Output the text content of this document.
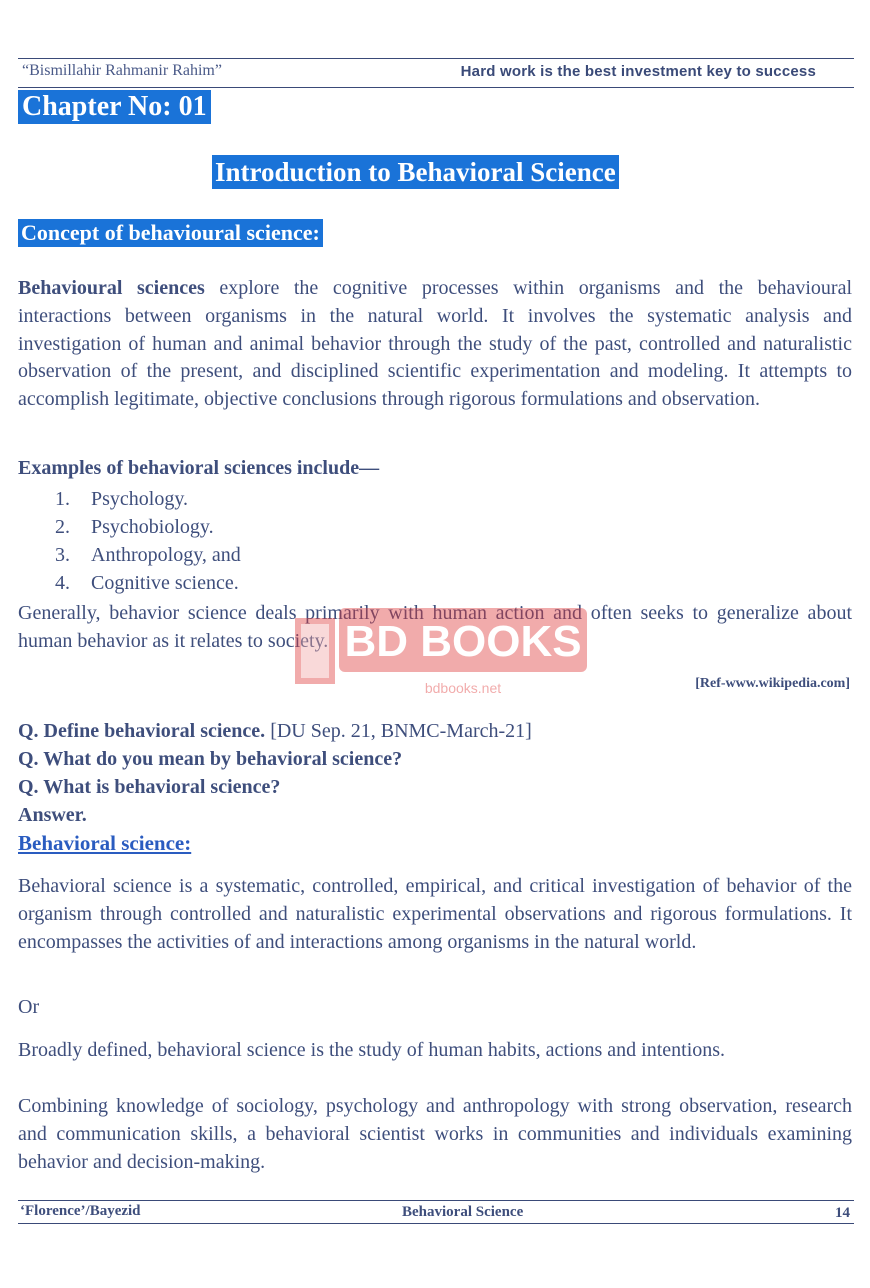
“Bismillahir Rahmanir Rahim”	Hard work is the best investment key to success
Chapter No: 01
Introduction to Behavioral Science
Concept of behavioural science:
Behavioural sciences explore the cognitive processes within organisms and the behavioural interactions between organisms in the natural world. It involves the systematic analysis and investigation of human and animal behavior through the study of the past, controlled and naturalistic observation of the present, and disciplined scientific experimentation and modeling. It attempts to accomplish legitimate, objective conclusions through rigorous formulations and observation.
Examples of behavioral sciences include—
1.	Psychology.
2.	Psychobiology.
3.	Anthropology, and
4.	Cognitive science.
Generally, behavior science deals primarily with human action and often seeks to generalize about human behavior as it relates to society. BD BOOKS
bdbooks.net	[Ref-www.wikipedia.com]
Q. Define behavioral science. [DU Sep. 21, BNMC-March-21]
Q. What do you mean by behavioral science?
Q. What is behavioral science?
Answer.
Behavioral science:
Behavioral science is a systematic, controlled, empirical, and critical investigation of behavior of the organism through controlled and naturalistic experimental observations and rigorous formulations. It encompasses the activities of and interactions among organisms in the natural world.
Or
Broadly defined, behavioral science is the study of human habits, actions and intentions.
Combining knowledge of sociology, psychology and anthropology with strong observation, research and communication skills, a behavioral scientist works in communities and individuals examining behavior and decision-making.
‘Florence’/Bayezid	Behavioral Science	14
